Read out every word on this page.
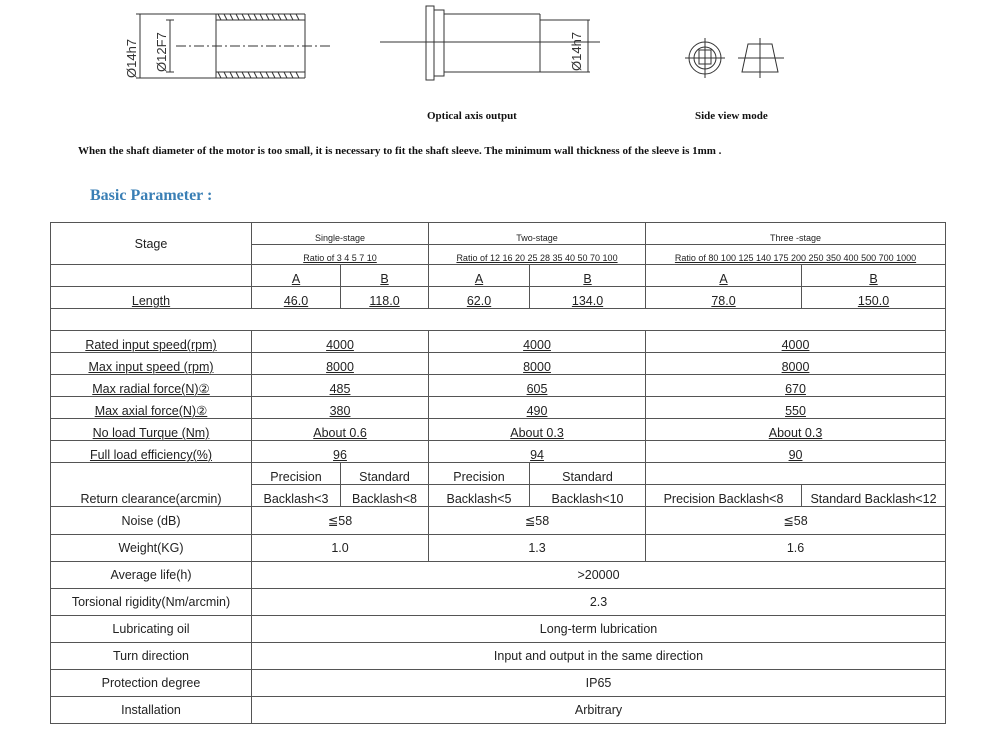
Ø14h7 Ø12F7	Ø14h7
Optical axis output	Side view mode
When the shaft diameter of the motor is too small, it is necessary to fit the shaft sleeve. The minimum wall thickness of the sleeve is 1mm .
Basic Parameter :
Stage	Single-stage		Two-stage		Three -stage	
	Ratio of 3 4 5 7 10		Ratio of 12 16 20 25 28 35 40 50 70 100		Ratio of 80 100 125 140 175 200 250 350 400 500 700 1000	
	A	B	A	B	A	B
Length	46.0	118.0	62.0	134.0	78.0	150.0

Rated input speed(rpm)	4000		4000		4000	
Max input speed (rpm)	8000		8000		8000	
Max radial force(N)②	485		605		670	
Max axial force(N)②	380		490		550	
No load Turque (Nm)	About 0.6		About 0.3		About 0.3	
Full load efficiency(%)	96		94		90	
Return clearance(arcmin)	Precision	Standard	Precision	Standard		
	Backlash<3	Backlash<8	Backlash<5	Backlash<10	Precision Backlash<8	Standard Backlash<12
Noise (dB)	≦58		≦58		≦58	
Weight(KG)	1.0		1.3		1.6	
Average life(h)	>20000					
Torsional rigidity(Nm/arcmin)	2.3					
Lubricating oil	Long-term lubrication					
Turn direction	Input and output in the same direction					
Protection degree	IP65					
Installation	Arbitrary					
